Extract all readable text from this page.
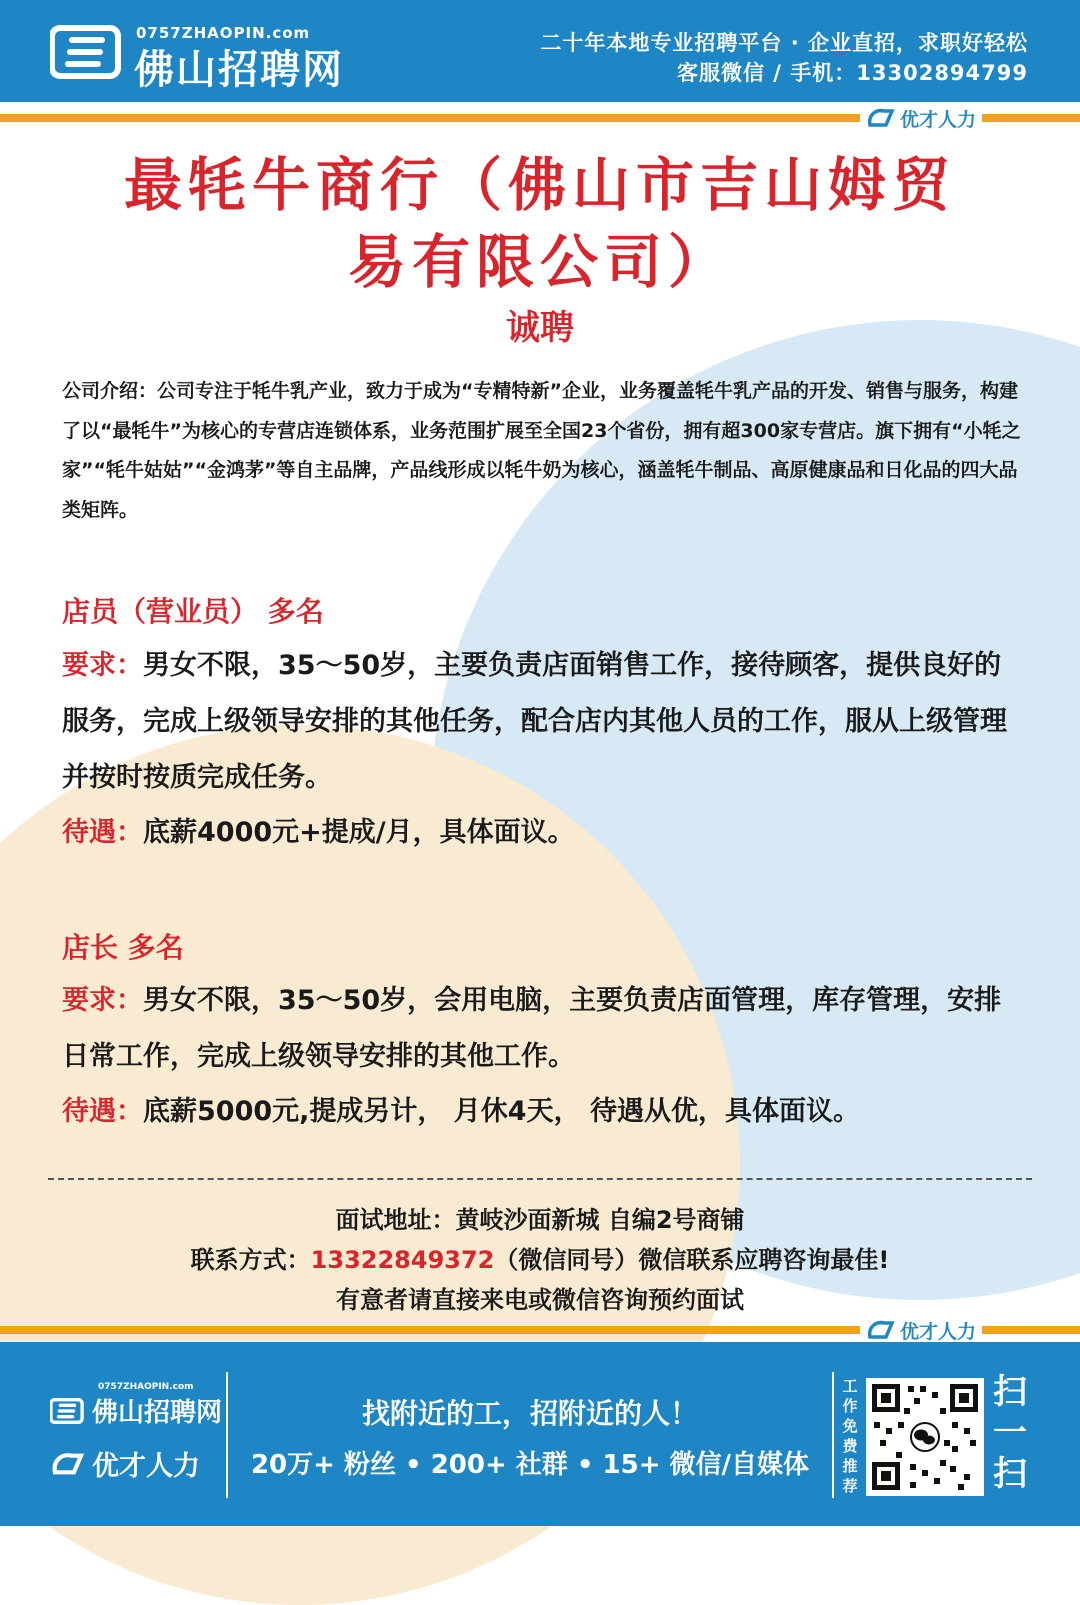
0757ZHAOPIN.com
佛山招聘网
二十年本地专业招聘平台 · 企业直招，求职好轻松
客服微信 / 手机：13302894799
优才人力
最牦牛商行（佛山市吉山姆贸
易有限公司）
诚聘
公司介绍：公司专注于牦牛乳产业，致力于成为“专精特新”企业，业务覆盖牦牛乳产品的开发、销售与服务，构建了以“最牦牛”为核心的专营店连锁体系，业务范围扩展至全国23个省份，拥有超300家专营店。旗下拥有“小牦之家”“牦牛姑姑”“金鸿茅”等自主品牌，产品线形成以牦牛奶为核心，涵盖牦牛制品、高原健康品和日化品的四大品类矩阵。
店员（营业员） 多名
要求：男女不限，35～50岁，主要负责店面销售工作，接待顾客，提供良好的服务，完成上级领导安排的其他任务，配合店内其他人员的工作，服从上级管理并按时按质完成任务。
待遇：底薪4000元+提成/月，具体面议。
店长 多名
要求：男女不限，35～50岁，会用电脑，主要负责店面管理，库存管理，安排日常工作，完成上级领导安排的其他工作。
待遇：底薪5000元,提成另计， 月休4天， 待遇从优，具体面议。
面试地址：黄岐沙面新城 自编2号商铺
联系方式：13322849372（微信同号）微信联系应聘咨询最佳!
有意者请直接来电或微信咨询预约面试
优才人力
佛山招聘网
0757ZHAOPIN.com
优才人力
找附近的工，招附近的人！
20万+ 粉丝 • 200+ 社群 • 15+ 微信/自媒体
工
作
免
费
推
荐
扫
一
扫
